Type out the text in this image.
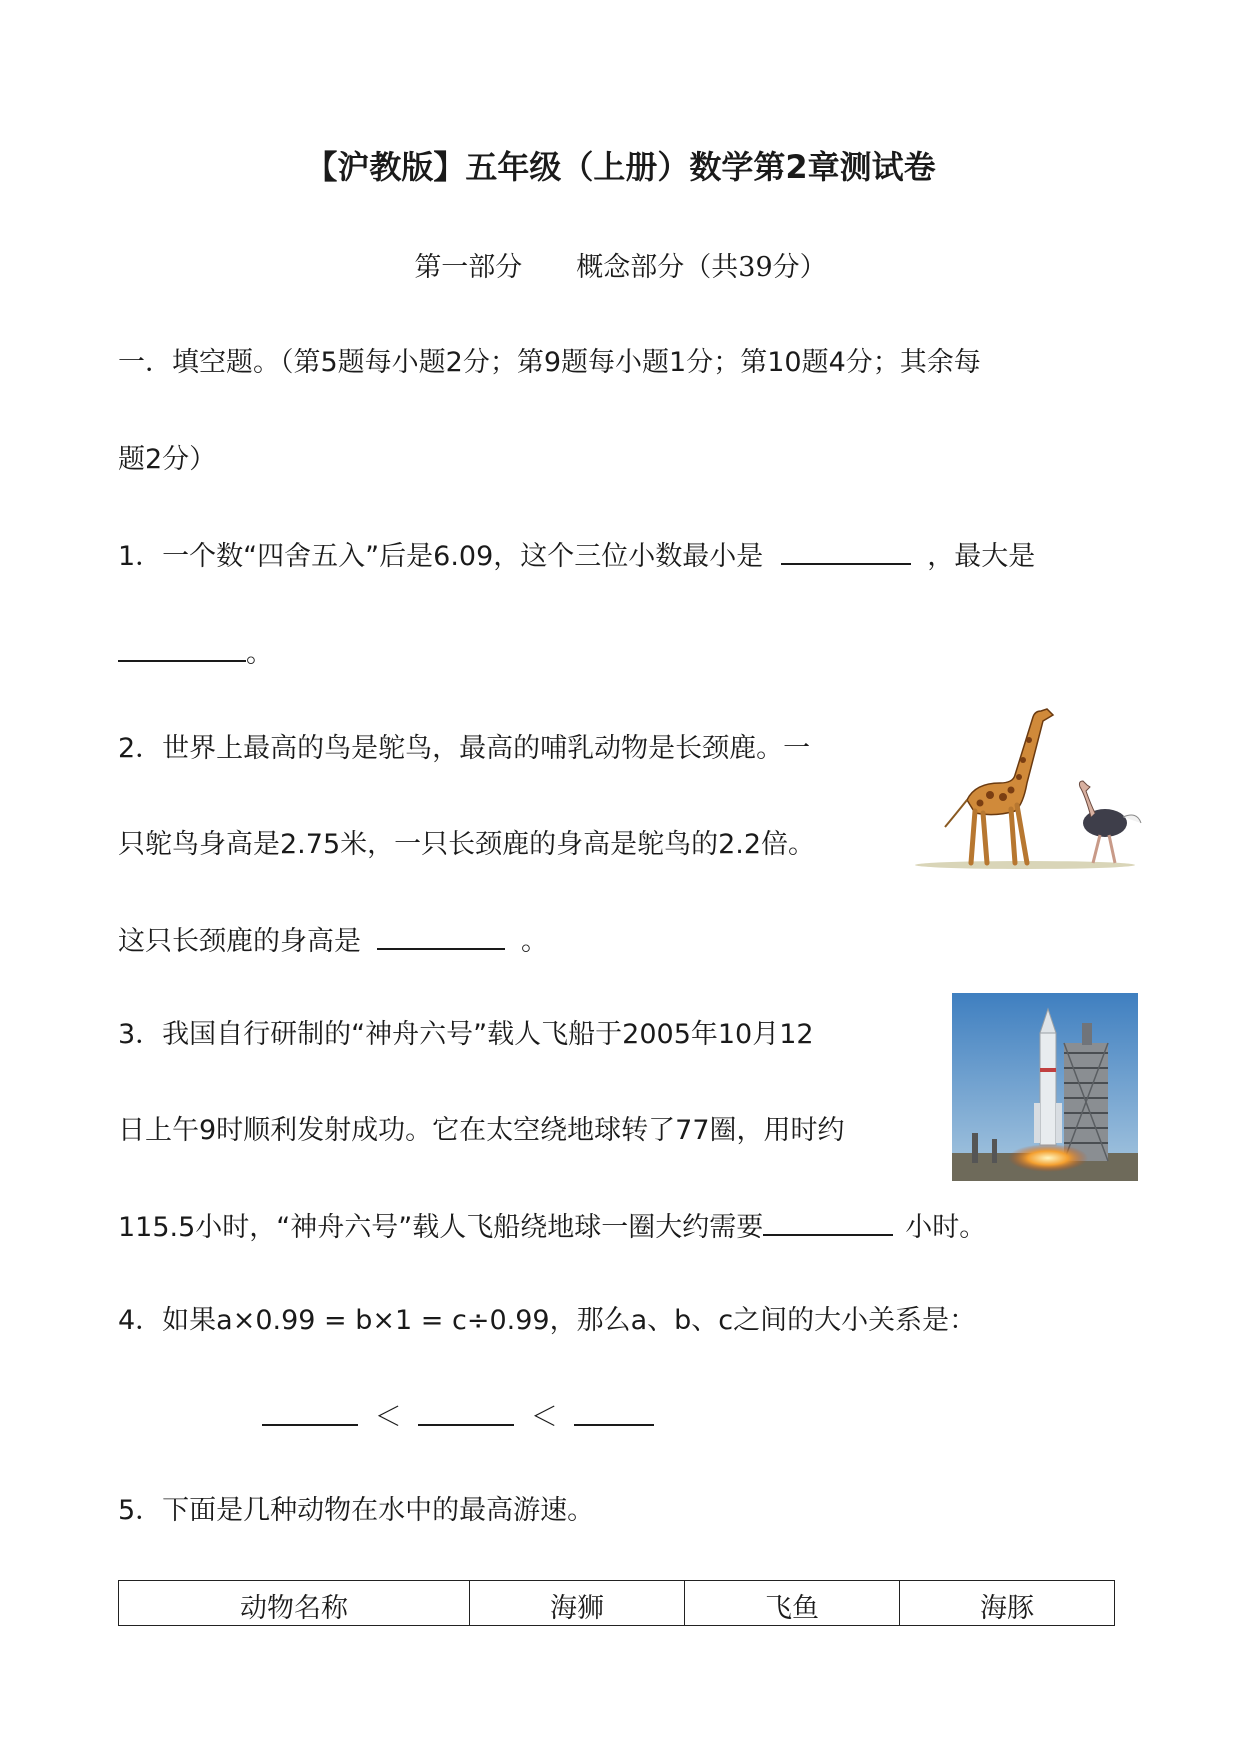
【沪教版】五年级（上册）数学第2章测试卷
第一部分　　概念部分（共39分）
一．填空题。（第5题每小题2分；第9题每小题1分；第10题4分；其余每
题2分）
1．一个数“四舍五入”后是6.09，这个三位小数最小是	，最大是
。
2．世界上最高的鸟是鸵鸟，最高的哺乳动物是长颈鹿。一
只鸵鸟身高是2.75米，一只长颈鹿的身高是鸵鸟的2.2倍。
这只长颈鹿的身高是	。
3．我国自行研制的“神舟六号”载人飞船于2005年10月12
日上午9时顺利发射成功。它在太空绕地球转了77圈，用时约
115.5小时，“神舟六号”载人飞船绕地球一圈大约需要	小时。
4．如果a×0.99 = b×1 = c÷0.99，那么a、b、c之间的大小关系是：
＜	＜
5．下面是几种动物在水中的最高游速。
动物名称	海狮	飞鱼	海豚
